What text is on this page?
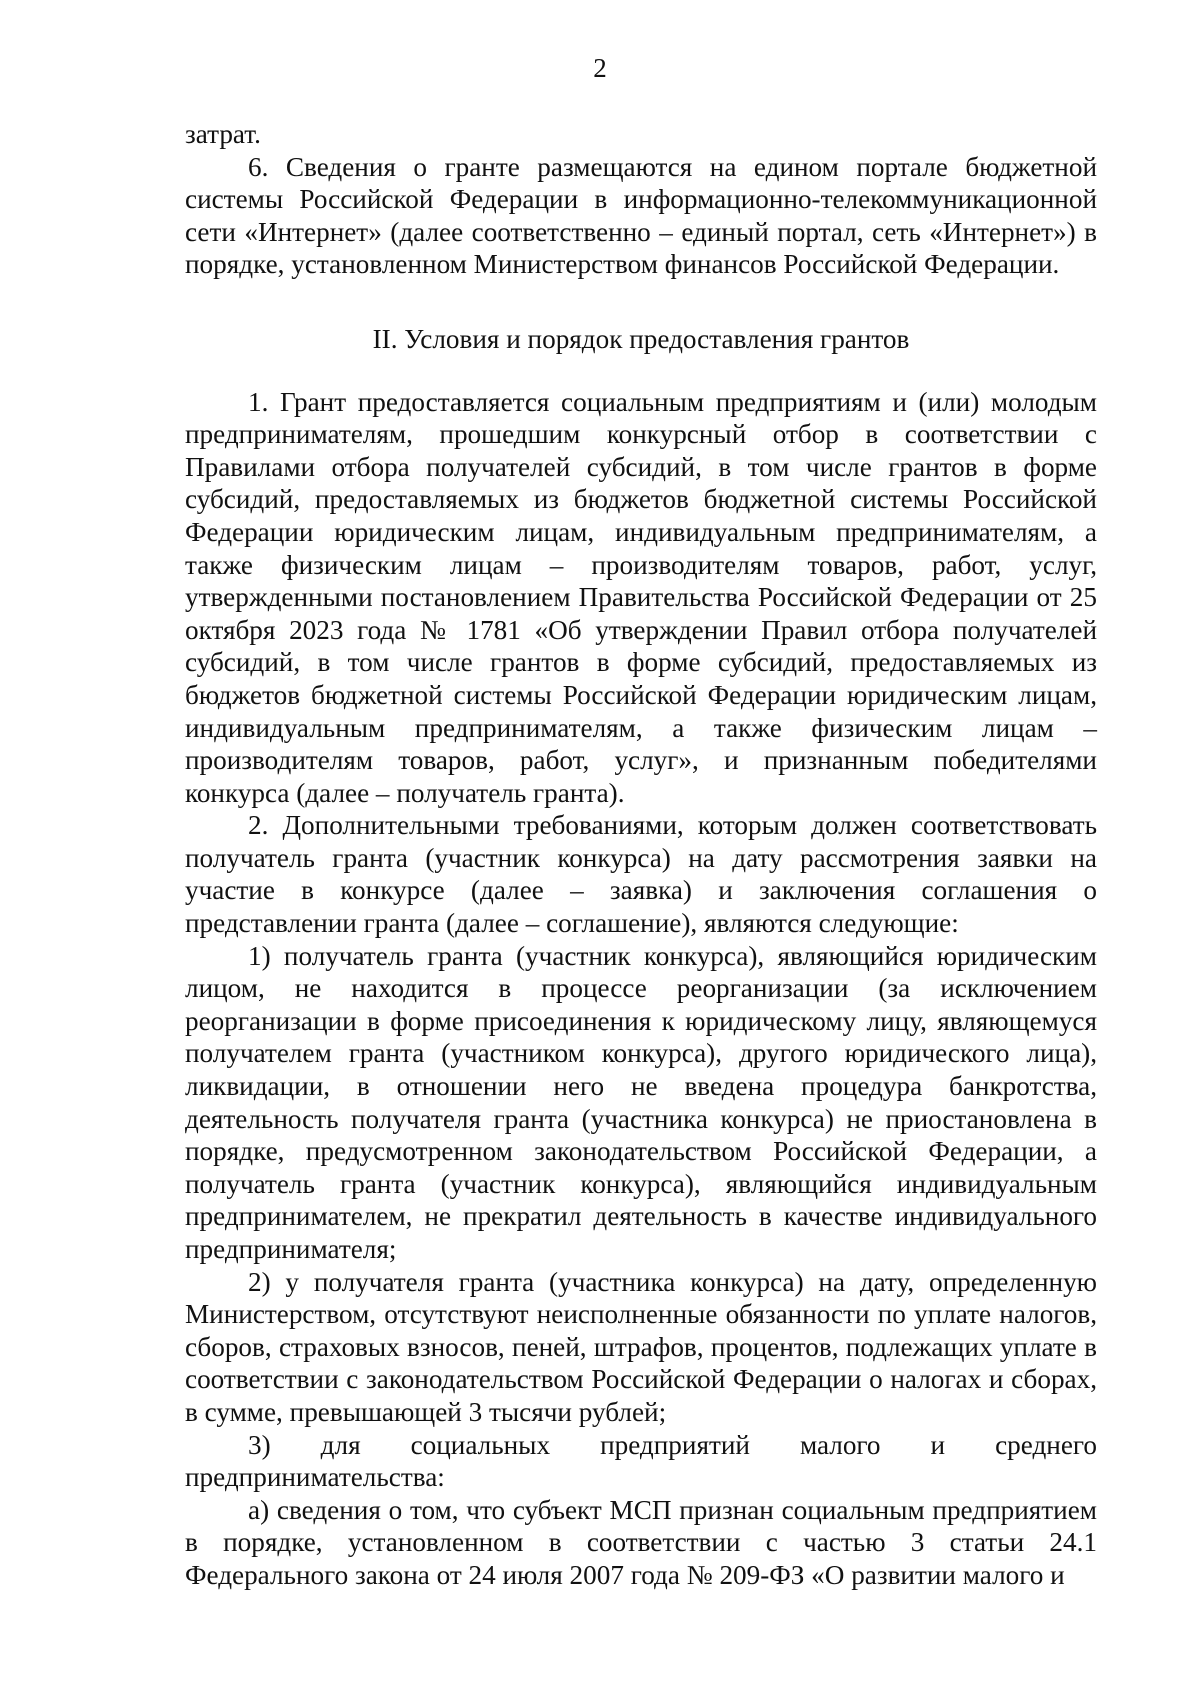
2

затрат.

6. Сведения о гранте размещаются на едином портале бюджетной системы Российской Федерации в информационно-телекоммуникационной сети «Интернет» (далее соответственно – единый портал, сеть «Интернет») в порядке, установленном Министерством финансов Российской Федерации.

II. Условия и порядок предоставления грантов

1. Грант предоставляется социальным предприятиям и (или) молодым предпринимателям, прошедшим конкурсный отбор в соответствии с Правилами отбора получателей субсидий, в том числе грантов в форме субсидий, предоставляемых из бюджетов бюджетной системы Российской Федерации юридическим лицам, индивидуальным предпринимателям, а также физическим лицам – производителям товаров, работ, услуг, утвержденными постановлением Правительства Российской Федерации от 25 октября 2023 года № 1781 «Об утверждении Правил отбора получателей субсидий, в том числе грантов в форме субсидий, предоставляемых из бюджетов бюджетной системы Российской Федерации юридическим лицам, индивидуальным предпринимателям, а также физическим лицам – производителям товаров, работ, услуг», и признанным победителями конкурса (далее – получатель гранта).

2. Дополнительными требованиями, которым должен соответствовать получатель гранта (участник конкурса) на дату рассмотрения заявки на участие в конкурсе (далее – заявка) и заключения соглашения о представлении гранта (далее – соглашение), являются следующие:

1) получатель гранта (участник конкурса), являющийся юридическим лицом, не находится в процессе реорганизации (за исключением реорганизации в форме присоединения к юридическому лицу, являющемуся получателем гранта (участником конкурса), другого юридического лица), ликвидации, в отношении него не введена процедура банкротства, деятельность получателя гранта (участника конкурса) не приостановлена в порядке, предусмотренном законодательством Российской Федерации, а получатель гранта (участник конкурса), являющийся индивидуальным предпринимателем, не прекратил деятельность в качестве индивидуального предпринимателя;

2) у получателя гранта (участника конкурса) на дату, определенную Министерством, отсутствуют неисполненные обязанности по уплате налогов, сборов, страховых взносов, пеней, штрафов, процентов, подлежащих уплате в соответствии с законодательством Российской Федерации о налогах и сборах, в сумме, превышающей 3 тысячи рублей;

3) для социальных предприятий малого и среднего предпринимательства:

а) сведения о том, что субъект МСП признан социальным предприятием в порядке, установленном в соответствии с частью 3 статьи 24.1 Федерального закона от 24 июля 2007 года № 209-ФЗ «О развитии малого и
